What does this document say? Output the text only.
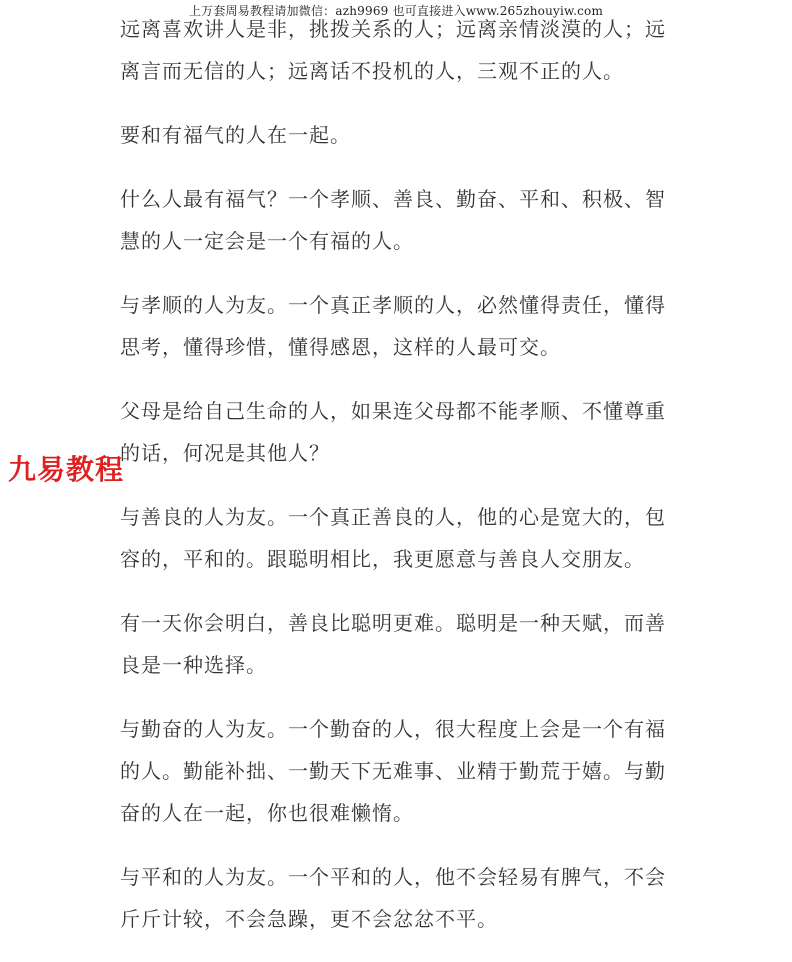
上万套周易教程请加微信：azh9969 也可直接进入www.265zhouyiw.com

远离喜欢讲人是非，挑拨关系的人；远离亲情淡漠的人；远离言而无信的人；远离话不投机的人，三观不正的人。

要和有福气的人在一起。

什么人最有福气？一个孝顺、善良、勤奋、平和、积极、智慧的人一定会是一个有福的人。

与孝顺的人为友。一个真正孝顺的人，必然懂得责任，懂得思考，懂得珍惜，懂得感恩，这样的人最可交。

父母是给自己生命的人，如果连父母都不能孝顺、不懂尊重的话，何况是其他人？

与善良的人为友。一个真正善良的人，他的心是宽大的，包容的，平和的。跟聪明相比，我更愿意与善良人交朋友。

有一天你会明白，善良比聪明更难。聪明是一种天赋，而善良是一种选择。

与勤奋的人为友。一个勤奋的人，很大程度上会是一个有福的人。勤能补拙、一勤天下无难事、业精于勤荒于嬉。与勤奋的人在一起，你也很难懒惰。

与平和的人为友。一个平和的人，他不会轻易有脾气，不会斤斤计较，不会急躁，更不会忿忿不平。

九易教程
